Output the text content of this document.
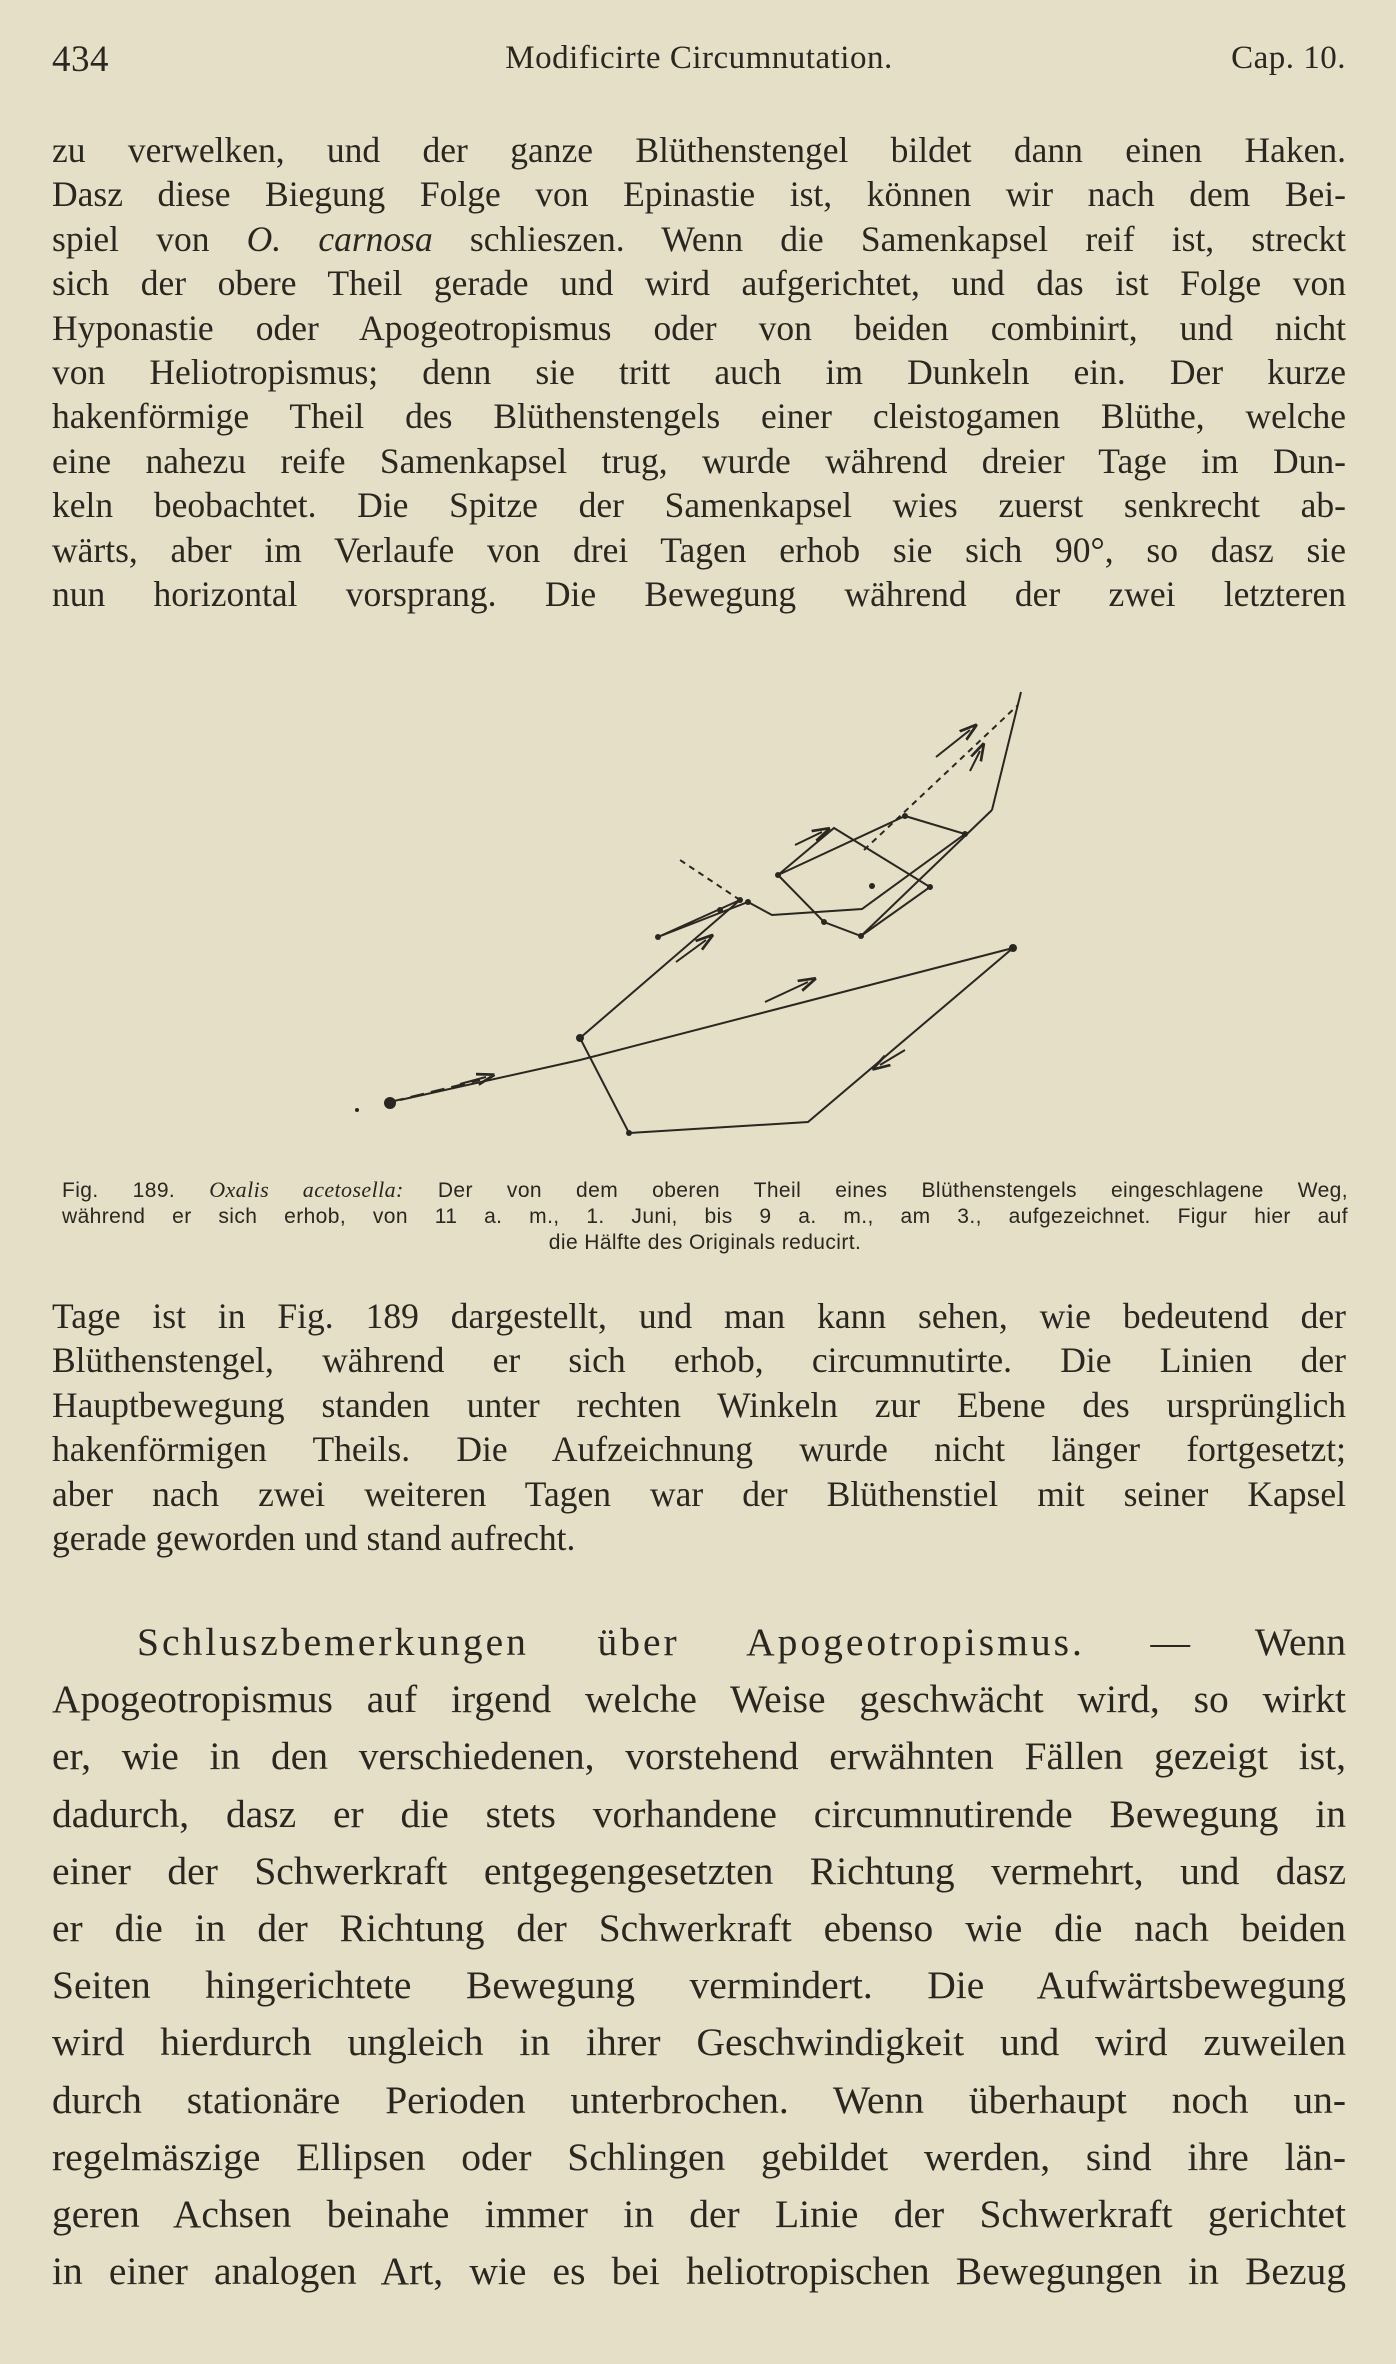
434	Modificirte Circumnutation.	Cap. 10.
zu verwelken, und der ganze Blüthenstengel bildet dann einen Haken.
Dasz diese Biegung Folge von Epinastie ist, können wir nach dem Bei-
spiel von O. carnosa schlieszen. Wenn die Samenkapsel reif ist, streckt
sich der obere Theil gerade und wird aufgerichtet, und das ist Folge von
Hyponastie oder Apogeotropismus oder von beiden combinirt, und nicht
von Heliotropismus; denn sie tritt auch im Dunkeln ein. Der kurze
hakenförmige Theil des Blüthenstengels einer cleistogamen Blüthe, welche
eine nahezu reife Samenkapsel trug, wurde während dreier Tage im Dun-
keln beobachtet. Die Spitze der Samenkapsel wies zuerst senkrecht ab-
wärts, aber im Verlaufe von drei Tagen erhob sie sich 90°, so dasz sie
nun horizontal vorsprang. Die Bewegung während der zwei letzteren
Fig. 189. Oxalis acetosella: Der von dem oberen Theil eines Blüthenstengels eingeschlagene Weg,
während er sich erhob, von 11 a. m., 1. Juni, bis 9 a. m., am 3., aufgezeichnet. Figur hier auf
die Hälfte des Originals reducirt.
Tage ist in Fig. 189 dargestellt, und man kann sehen, wie bedeutend der
Blüthenstengel, während er sich erhob, circumnutirte. Die Linien der
Hauptbewegung standen unter rechten Winkeln zur Ebene des ursprünglich
hakenförmigen Theils. Die Aufzeichnung wurde nicht länger fortgesetzt;
aber nach zwei weiteren Tagen war der Blüthenstiel mit seiner Kapsel
gerade geworden und stand aufrecht.
Schluszbemerkungen über Apogeotropismus. — Wenn
Apogeotropismus auf irgend welche Weise geschwächt wird, so wirkt
er, wie in den verschiedenen, vorstehend erwähnten Fällen gezeigt ist,
dadurch, dasz er die stets vorhandene circumnutirende Bewegung in
einer der Schwerkraft entgegengesetzten Richtung vermehrt, und dasz
er die in der Richtung der Schwerkraft ebenso wie die nach beiden
Seiten hingerichtete Bewegung vermindert. Die Aufwärtsbewegung
wird hierdurch ungleich in ihrer Geschwindigkeit und wird zuweilen
durch stationäre Perioden unterbrochen. Wenn überhaupt noch un-
regelmäszige Ellipsen oder Schlingen gebildet werden, sind ihre län-
geren Achsen beinahe immer in der Linie der Schwerkraft gerichtet
in einer analogen Art, wie es bei heliotropischen Bewegungen in Bezug
